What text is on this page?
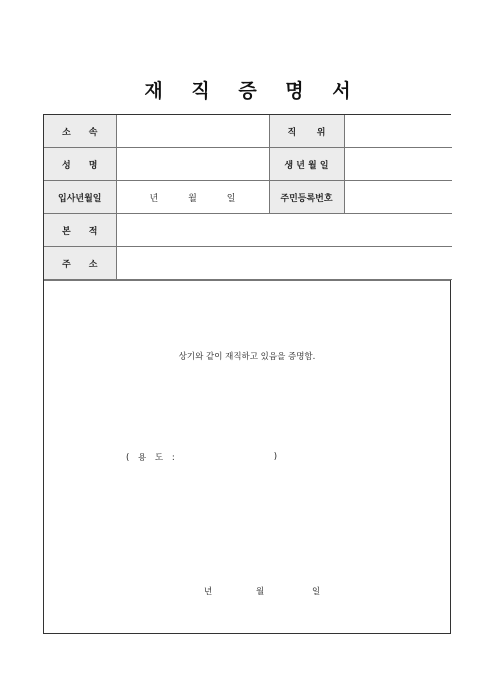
재 직 증 명 서
소 속		직 위	

성 명		생 년 월 일	
입사년월일	년 월 일	주민등록번호	

본 적			

주 소			

상기와 같이 재직하고 있음을 증명함.
( 용 도 :	)
년	월	일
